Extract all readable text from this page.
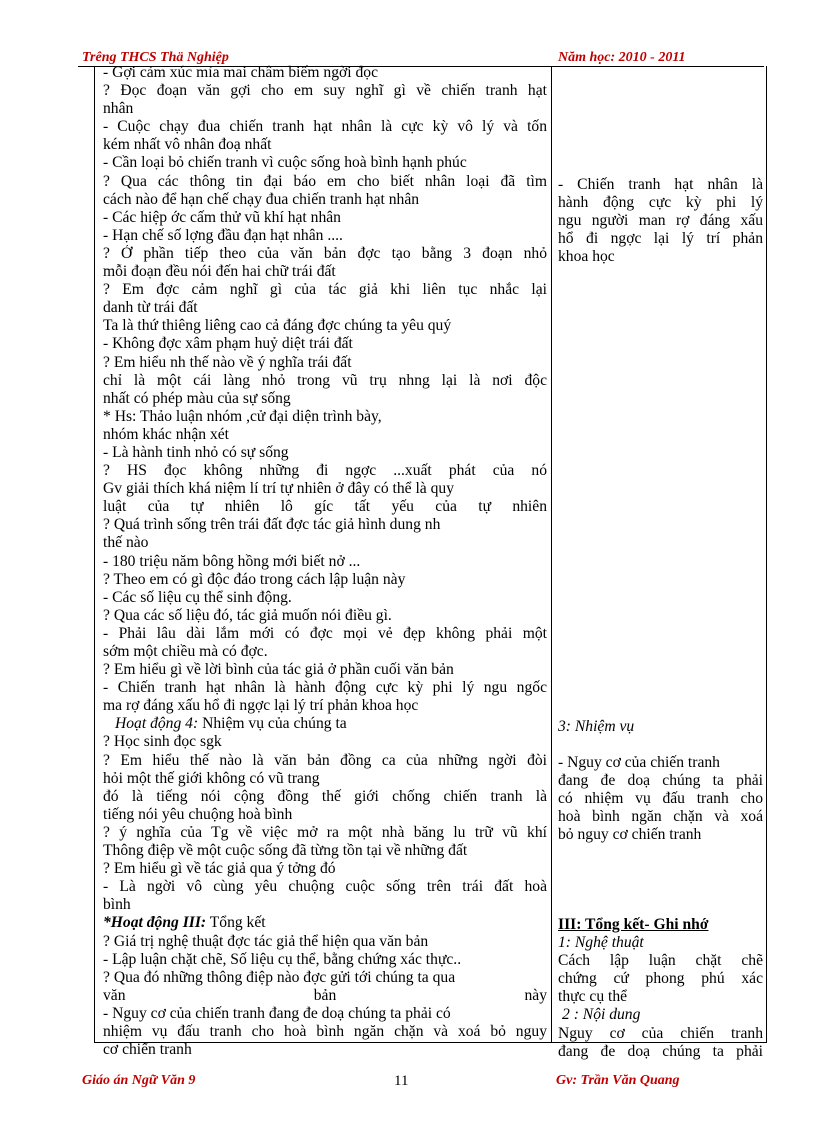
Trêng THCS Thä Nghiệp	Năm học: 2010 - 2011
- Gợi cảm xúc mỉa mai châm biếm ngời đọc
? Đọc đoạn văn gợi cho em suy nghĩ gì về chiến tranh hạt
nhân
- Cuộc chạy đua chiến tranh hạt nhân là cực kỳ vô lý và tốn
kém nhất vô nhân đoạ nhất
- Cần loại bỏ chiến tranh vì cuộc sống hoà bình hạnh phúc
? Qua các thông tin đại báo em cho biết nhân loại đã tìm
cách nào để hạn chế chạy đua chiến tranh hạt nhân
- Các hiệp ớc cấm thử vũ khí hạt nhân
- Hạn chế số lợng đầu đạn hạt nhân ....
? Ở phần tiếp theo của văn bản đợc tạo bằng 3 đoạn nhỏ
mỗi đoạn đều nói đến hai chữ trái đất
? Em đợc cảm nghĩ gì của tác giả khi liên tục nhắc lại
danh từ trái đất
Ta là thứ thiêng liêng cao cả đáng đợc chúng ta yêu quý
- Không đợc xâm phạm huỷ diệt trái đất
? Em hiểu nh thế nào về ý nghĩa trái đất
chỉ là một cái làng nhỏ trong vũ trụ nhng lại là nơi độc
nhất có phép màu của sự sống
* Hs: Thảo luận nhóm ,cử đại diện trình bày,
nhóm khác nhận xét
- Là hành tinh nhỏ có sự sống
? HS đọc không những đi ngợc ...xuất phát của nó
Gv giải thích khá niệm lí trí tự nhiên ở đây có thể là quy
luật của tự nhiên lô gíc tất yếu của tự nhiên
? Quá trình sống trên trái đất đợc tác giả hình dung nh
thế nào
- 180 triệu năm bông hồng mới biết nở ...
? Theo em có gì độc đáo trong cách lập luận này
- Các số liệu cụ thể sinh động.
? Qua các số liệu đó, tác giả muốn nói điều gì.
- Phải lâu dài lắm mới có đợc mọi vẻ đẹp không phải một
sớm một chiều mà có đợc.
? Em hiểu gì về lời bình của tác giả ở phần cuối văn bản
- Chiến tranh hạt nhân là hành động cực kỳ phi lý ngu ngốc
ma rợ đáng xấu hổ đi ngợc lại lý trí phản khoa học
Hoạt động 4: Nhiệm vụ của chúng ta
? Học sinh đọc sgk
? Em hiểu thế nào là văn bản đồng ca của những ngời đòi
hỏi một thế giới không có vũ trang
đó là tiếng nói cộng đồng thế giới chống chiến tranh là
tiếng nói yêu chuộng hoà bình
? ý nghĩa của Tg về việc mở ra một nhà băng lu trữ vũ khí
Thông điệp về một cuộc sống đã từng tồn tại về những đất
? Em hiểu gì về tác giả qua ý tởng đó
- Là ngời vô cùng yêu chuộng cuộc sống trên trái đất hoà
bình
*Hoạt động III: Tổng kết
? Giá trị nghệ thuật đợc tác giả thể hiện qua văn bản
- Lập luận chặt chẽ, Số liệu cụ thể, bằng chứng xác thực..
? Qua đó những thông điệp nào đợc gửi tới chúng ta qua
văn bản này
- Nguy cơ của chiến tranh đang đe doạ chúng ta phải có
nhiệm vụ đấu tranh cho hoà bình ngăn chặn và xoá bỏ nguy
cơ chiến tranh
- Chiến tranh hạt nhân là
hành động cực kỳ phi lý
ngu người man rợ đáng xấu
hổ đi ngợc lại lý trí phản
khoa học
3: Nhiệm vụ
- Nguy cơ của chiến tranh
đang đe doạ chúng ta phải
có nhiệm vụ đấu tranh cho
hoà bình ngăn chặn và xoá
bỏ nguy cơ chiến tranh
III: Tổng kết- Ghi nhớ
1: Nghệ thuật
Cách lập luận chặt chẽ
chứng cứ phong phú xác
thực cụ thể
2 : Nội dung
Nguy cơ của chiến tranh
đang đe doạ chúng ta phải
Giáo án Ngữ Văn 9	11	Gv: Trần Văn Quang
